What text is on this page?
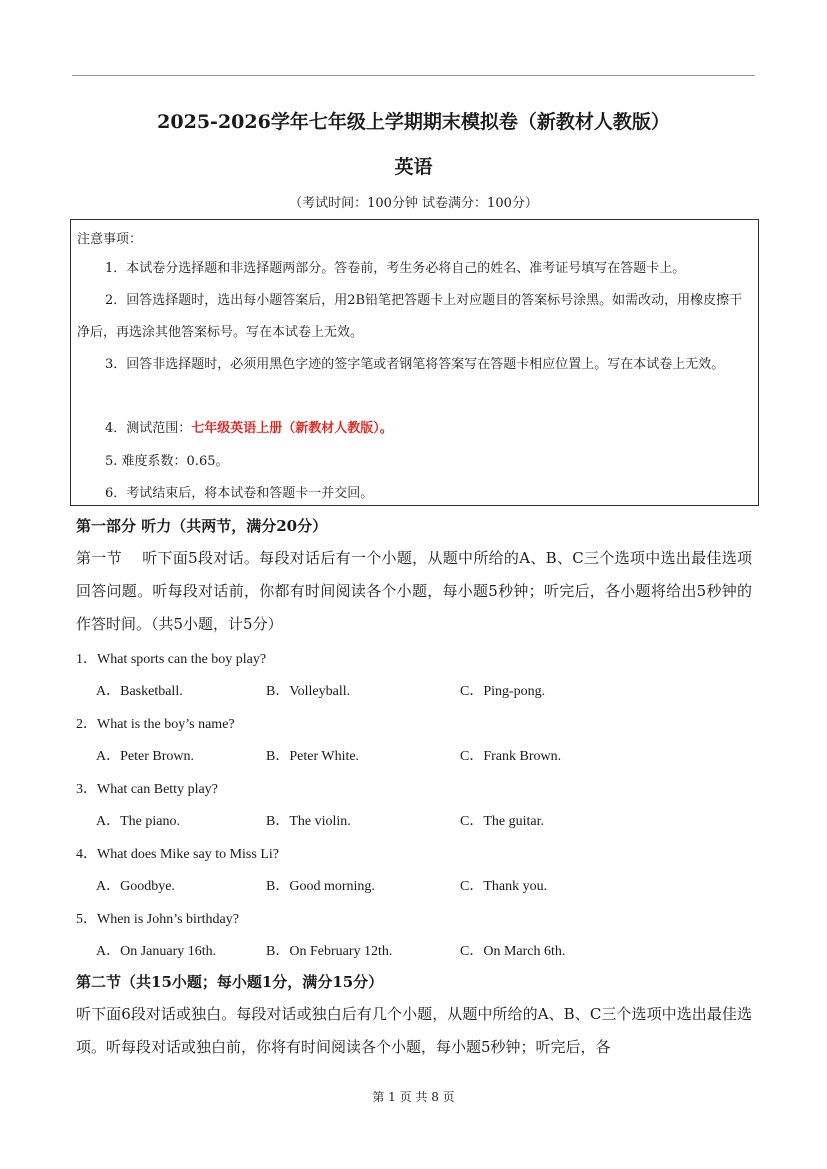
2025-2026学年七年级上学期期末模拟卷（新教材人教版）
英语
（考试时间：100分钟 试卷满分：100分）
注意事项：
1．本试卷分选择题和非选择题两部分。答卷前，考生务必将自己的姓名、准考证号填写在答题卡上。
2．回答选择题时，选出每小题答案后，用2B铅笔把答题卡上对应题目的答案标号涂黑。如需改动，用橡皮擦干净后，再选涂其他答案标号。写在本试卷上无效。
3．回答非选择题时，必须用黑色字迹的签字笔或者钢笔将答案写在答题卡相应位置上。写在本试卷上无效。
4．测试范围：七年级英语上册（新教材人教版）。
5. 难度系数：0.65。
6．考试结束后，将本试卷和答题卡一并交回。
第一部分 听力（共两节，满分20分）
第一节　 听下面5段对话。每段对话后有一个小题，从题中所给的A、B、C三个选项中选出最佳选项回答问题。听每段对话前，你都有时间阅读各个小题，每小题5秒钟；听完后，各小题将给出5秒钟的作答时间。（共5小题，计5分）
1．What sports can the boy play?
A．Basketball.	B．Volleyball.	C．Ping-pong.
2．What is the boy’s name?
A．Peter Brown.	B．Peter White.	C．Frank Brown.
3．What can Betty play?
A．The piano.	B．The violin.	C．The guitar.
4．What does Mike say to Miss Li?
A．Goodbye.	B．Good morning.	C．Thank you.
5．When is John’s birthday?
A．On January 16th.	B．On February 12th.	C．On March 6th.
第二节（共15小题；每小题1分，满分15分）
听下面6段对话或独白。每段对话或独白后有几个小题，从题中所给的A、B、C三个选项中选出最佳选项。听每段对话或独白前，你将有时间阅读各个小题，每小题5秒钟；听完后，各
第 1 页 共 8 页
